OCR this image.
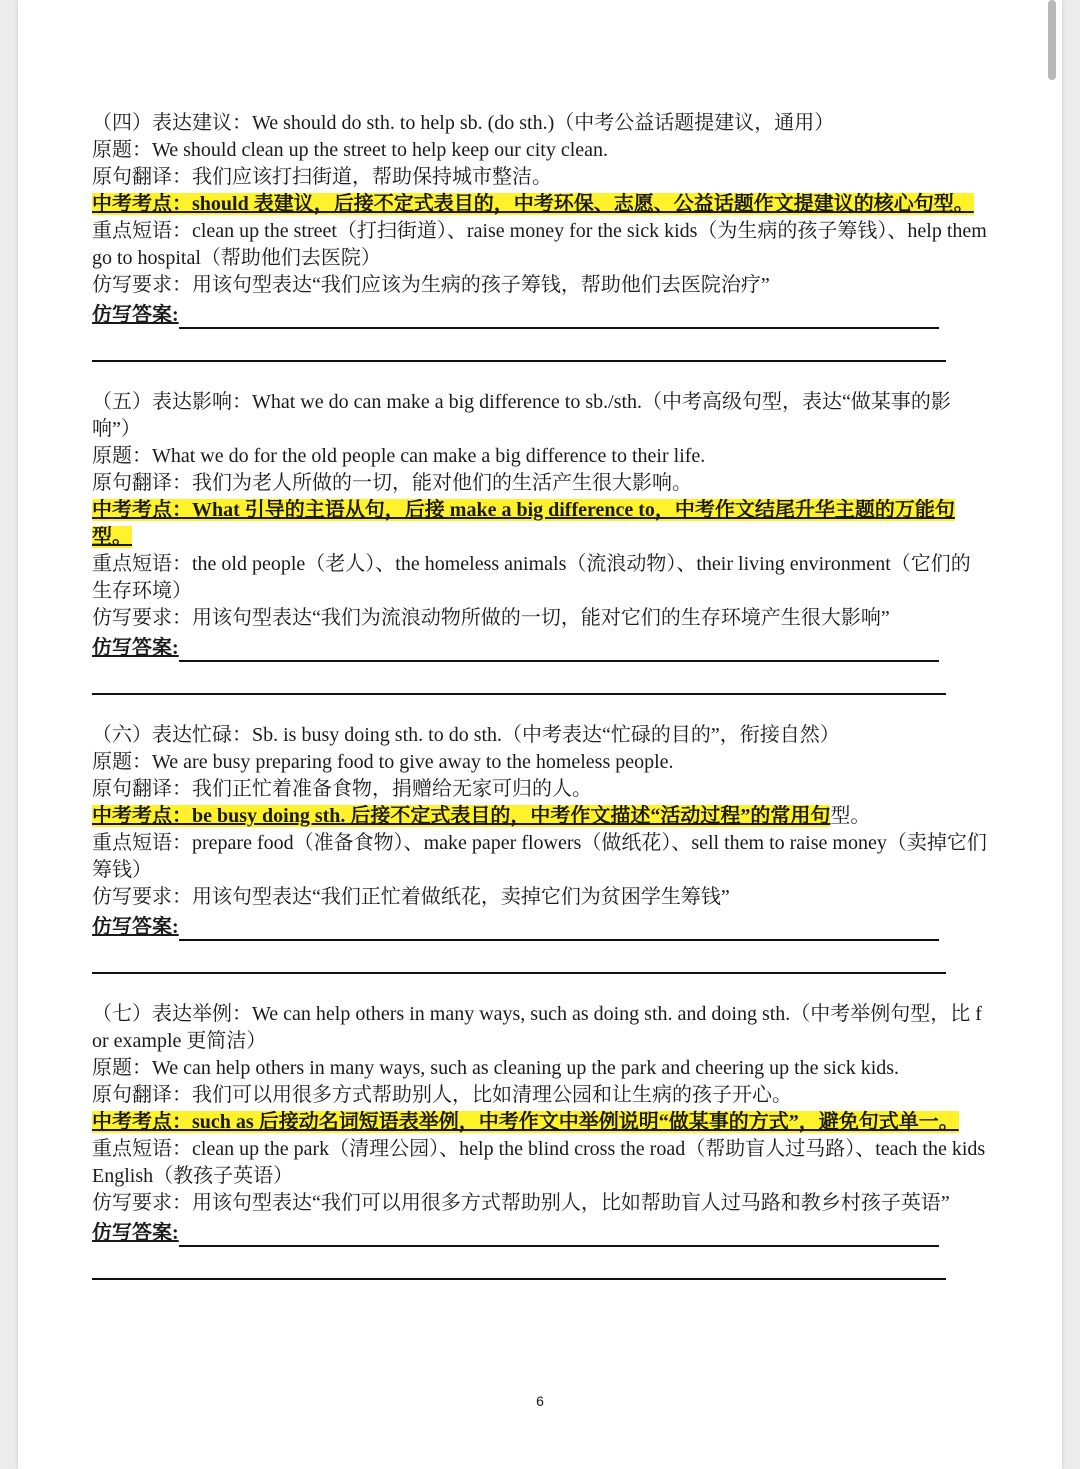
（四）表达建议：We should do sth. to help sb. (do sth.)（中考公益话题提建议，通用）
原题：We should clean up the street to help keep our city clean.
原句翻译：我们应该打扫街道，帮助保持城市整洁。
中考考点：should 表建议，后接不定式表目的，中考环保、志愿、公益话题作文提建议的核心句型。
重点短语：clean up the street（打扫街道）、raise money for the sick kids（为生病的孩子筹钱）、help them go to hospital（帮助他们去医院）
仿写要求：用该句型表达“我们应该为生病的孩子筹钱，帮助他们去医院治疗”
仿写答案:
（五）表达影响：What we do can make a big difference to sb./sth.（中考高级句型，表达“做某事的影响”）
原题：What we do for the old people can make a big difference to their life.
原句翻译：我们为老人所做的一切，能对他们的生活产生很大影响。
中考考点：What 引导的主语从句，后接 make a big difference to，中考作文结尾升华主题的万能句型。
重点短语：the old people（老人）、the homeless animals（流浪动物）、their living environment（它们的生存环境）
仿写要求：用该句型表达“我们为流浪动物所做的一切，能对它们的生存环境产生很大影响”
仿写答案:
（六）表达忙碌：Sb. is busy doing sth. to do sth.（中考表达“忙碌的目的”，衔接自然）
原题：We are busy preparing food to give away to the homeless people.
原句翻译：我们正忙着准备食物，捐赠给无家可归的人。
中考考点：be busy doing sth. 后接不定式表目的，中考作文描述“活动过程”的常用句型。
重点短语：prepare food（准备食物）、make paper flowers（做纸花）、sell them to raise money（卖掉它们筹钱）
仿写要求：用该句型表达“我们正忙着做纸花，卖掉它们为贫困学生筹钱”
仿写答案:
（七）表达举例：We can help others in many ways, such as doing sth. and doing sth.（中考举例句型，比 for example 更简洁）
原题：We can help others in many ways, such as cleaning up the park and cheering up the sick kids.
原句翻译：我们可以用很多方式帮助别人，比如清理公园和让生病的孩子开心。
中考考点：such as 后接动名词短语表举例，中考作文中举例说明“做某事的方式”，避免句式单一。
重点短语：clean up the park（清理公园）、help the blind cross the road（帮助盲人过马路）、teach the kids English（教孩子英语）
仿写要求：用该句型表达“我们可以用很多方式帮助别人，比如帮助盲人过马路和教乡村孩子英语”
仿写答案:
6
